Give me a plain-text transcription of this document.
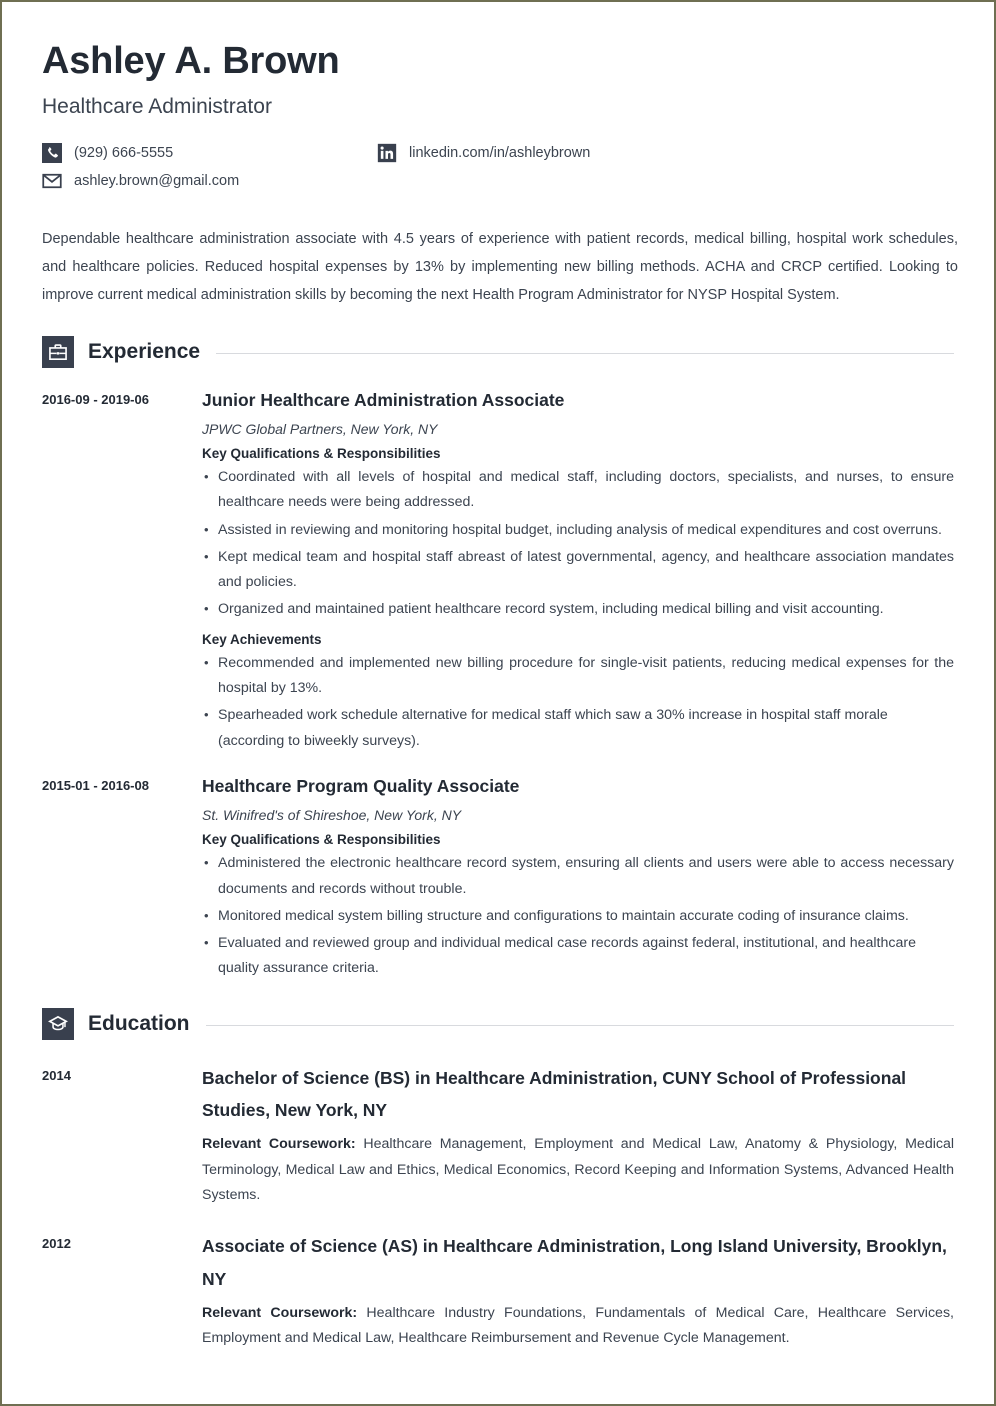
Ashley A. Brown
Healthcare Administrator
(929) 666-5555	linkedin.com/in/ashleybrown
ashley.brown@gmail.com
Dependable healthcare administration associate with 4.5 years of experience with patient records, medical billing, hospital work schedules, and healthcare policies. Reduced hospital expenses by 13% by implementing new billing methods. ACHA and CRCP certified. Looking to improve current medical administration skills by becoming the next Health Program Administrator for NYSP Hospital System.
Experience
2016-09 - 2019-06	Junior Healthcare Administration Associate
JPWC Global Partners, New York, NY
Key Qualifications & Responsibilities
• Coordinated with all levels of hospital and medical staff, including doctors, specialists, and nurses, to ensure healthcare needs were being addressed.
• Assisted in reviewing and monitoring hospital budget, including analysis of medical expenditures and cost overruns.
• Kept medical team and hospital staff abreast of latest governmental, agency, and healthcare association mandates and policies.
• Organized and maintained patient healthcare record system, including medical billing and visit accounting.
Key Achievements
• Recommended and implemented new billing procedure for single-visit patients, reducing medical expenses for the hospital by 13%.
• Spearheaded work schedule alternative for medical staff which saw a 30% increase in hospital staff morale (according to biweekly surveys).
2015-01 - 2016-08	Healthcare Program Quality Associate
St. Winifred's of Shireshoe, New York, NY
Key Qualifications & Responsibilities
• Administered the electronic healthcare record system, ensuring all clients and users were able to access necessary documents and records without trouble.
• Monitored medical system billing structure and configurations to maintain accurate coding of insurance claims.
• Evaluated and reviewed group and individual medical case records against federal, institutional, and healthcare quality assurance criteria.
Education
2014	Bachelor of Science (BS) in Healthcare Administration, CUNY School of Professional Studies, New York, NY
Relevant Coursework: Healthcare Management, Employment and Medical Law, Anatomy & Physiology, Medical Terminology, Medical Law and Ethics, Medical Economics, Record Keeping and Information Systems, Advanced Health Systems.
2012	Associate of Science (AS) in Healthcare Administration, Long Island University, Brooklyn, NY
Relevant Coursework: Healthcare Industry Foundations, Fundamentals of Medical Care, Healthcare Services, Employment and Medical Law, Healthcare Reimbursement and Revenue Cycle Management.
